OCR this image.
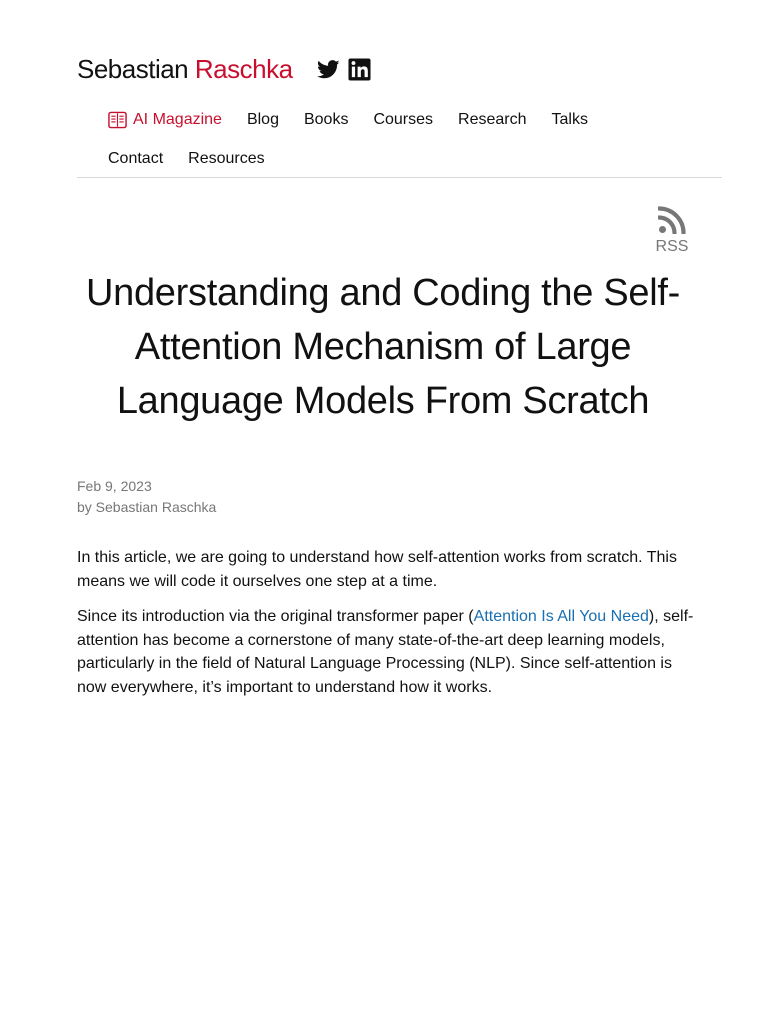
Sebastian Raschka
AI Magazine Blog Books Courses Research Talks
Contact Resources
RSS
Understanding and Coding the Self-Attention Mechanism of Large Language Models From Scratch
Feb 9, 2023
by Sebastian Raschka

In this article, we are going to understand how self-attention works from scratch. This means we will code it ourselves one step at a time.

Since its introduction via the original transformer paper (Attention Is All You Need), self-attention has become a cornerstone of many state-of-the-art deep learning models, particularly in the field of Natural Language Processing (NLP). Since self-attention is now everywhere, it’s important to understand how it works.
